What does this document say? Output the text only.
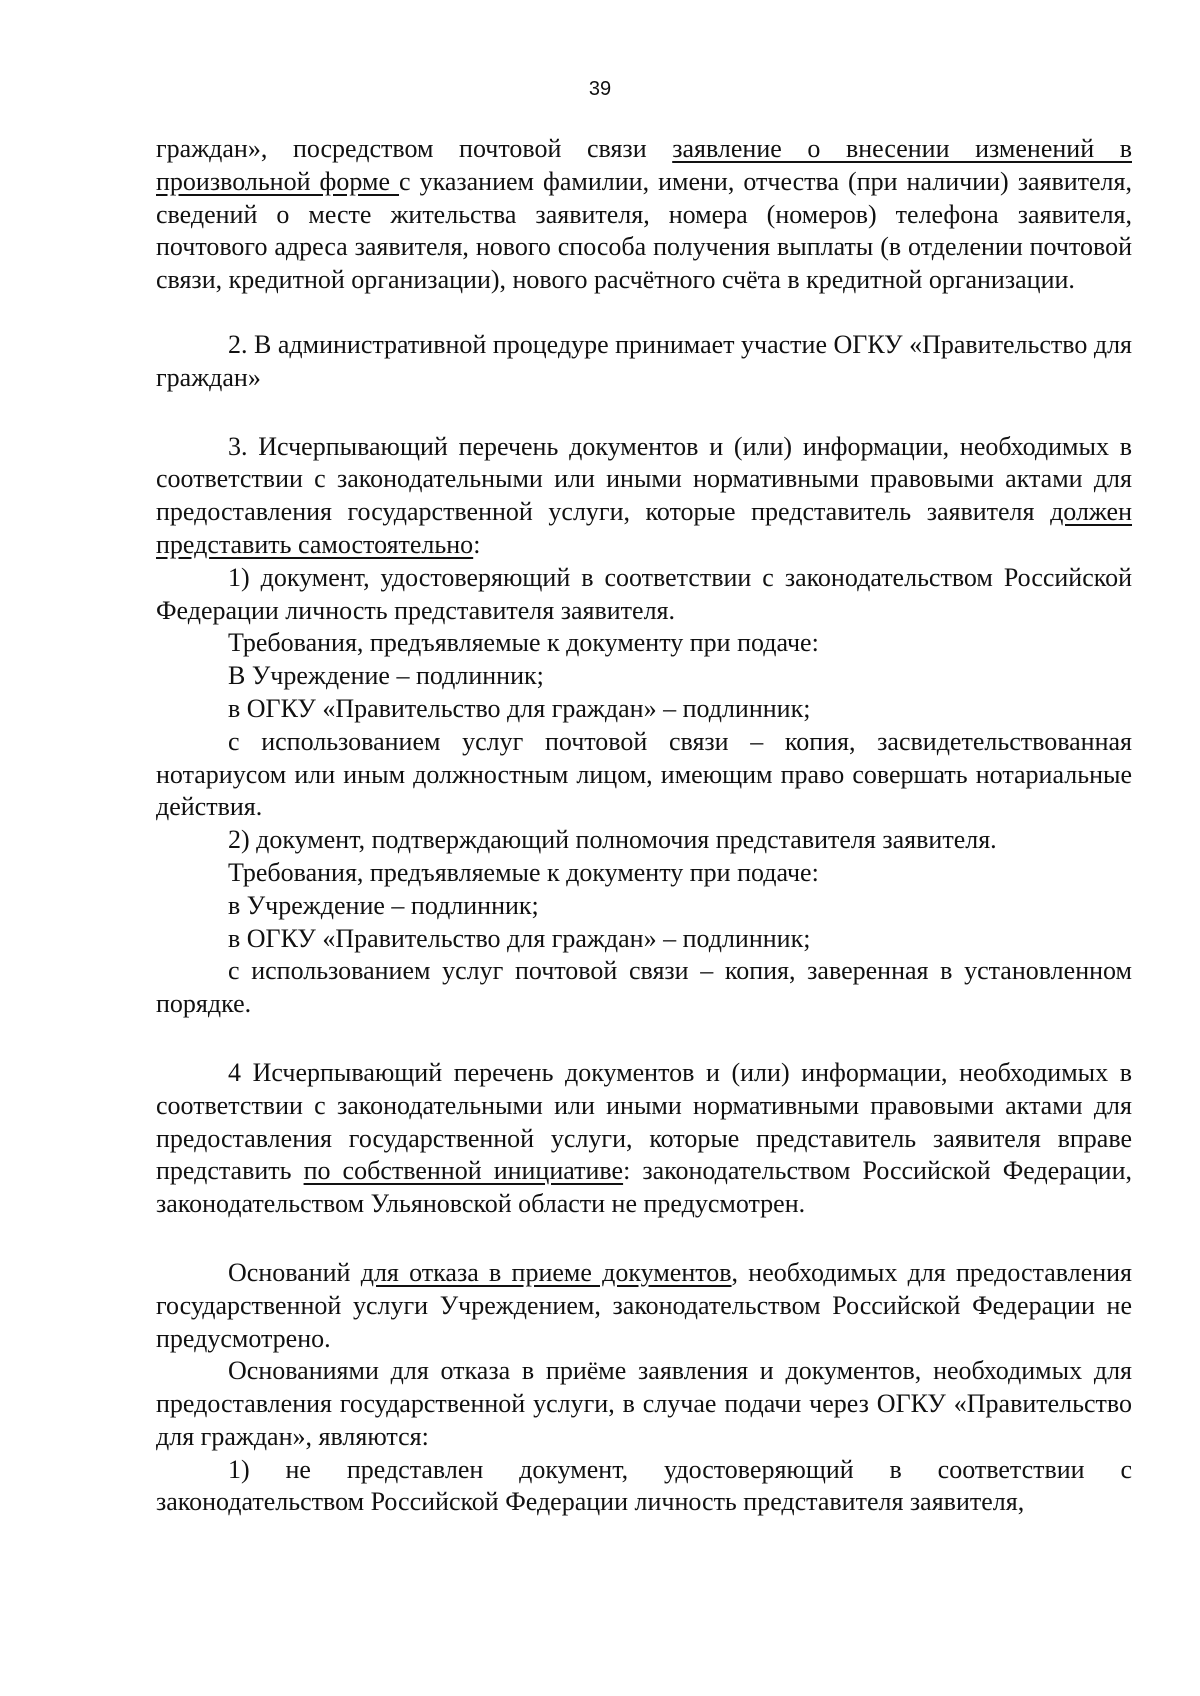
39

граждан», посредством почтовой связи заявление о внесении изменений в произвольной форме с указанием фамилии, имени, отчества (при наличии) заявителя, сведений о месте жительства заявителя, номера (номеров) телефона заявителя, почтового адреса заявителя, нового способа получения выплаты (в отделении почтовой связи, кредитной организации), нового расчётного счёта в кредитной организации.

2. В административной процедуре принимает участие ОГКУ «Правительство для граждан»

3. Исчерпывающий перечень документов и (или) информации, необходимых в соответствии с законодательными или иными нормативными правовыми актами для предоставления государственной услуги, которые представитель заявителя должен представить самостоятельно:

1) документ, удостоверяющий в соответствии с законодательством Российской Федерации личность представителя заявителя.

Требования, предъявляемые к документу при подаче:

В Учреждение – подлинник;

в ОГКУ «Правительство для граждан» – подлинник;

с использованием услуг почтовой связи – копия, засвидетельствованная нотариусом или иным должностным лицом, имеющим право совершать нотариальные действия.

2) документ, подтверждающий полномочия представителя заявителя.

Требования, предъявляемые к документу при подаче:

в Учреждение – подлинник;

в ОГКУ «Правительство для граждан» – подлинник;

с использованием услуг почтовой связи – копия, заверенная в установленном порядке.

4 Исчерпывающий перечень документов и (или) информации, необходимых в соответствии с законодательными или иными нормативными правовыми актами для предоставления государственной услуги, которые представитель заявителя вправе представить по собственной инициативе: законодательством Российской Федерации, законодательством Ульяновской области не предусмотрен.

Оснований для отказа в приеме документов, необходимых для предоставления государственной услуги Учреждением, законодательством Российской Федерации не предусмотрено.

Основаниями для отказа в приёме заявления и документов, необходимых для предоставления государственной услуги, в случае подачи через ОГКУ «Правительство для граждан», являются:

1) не представлен документ, удостоверяющий в соответствии с законодательством Российской Федерации личность представителя заявителя,
